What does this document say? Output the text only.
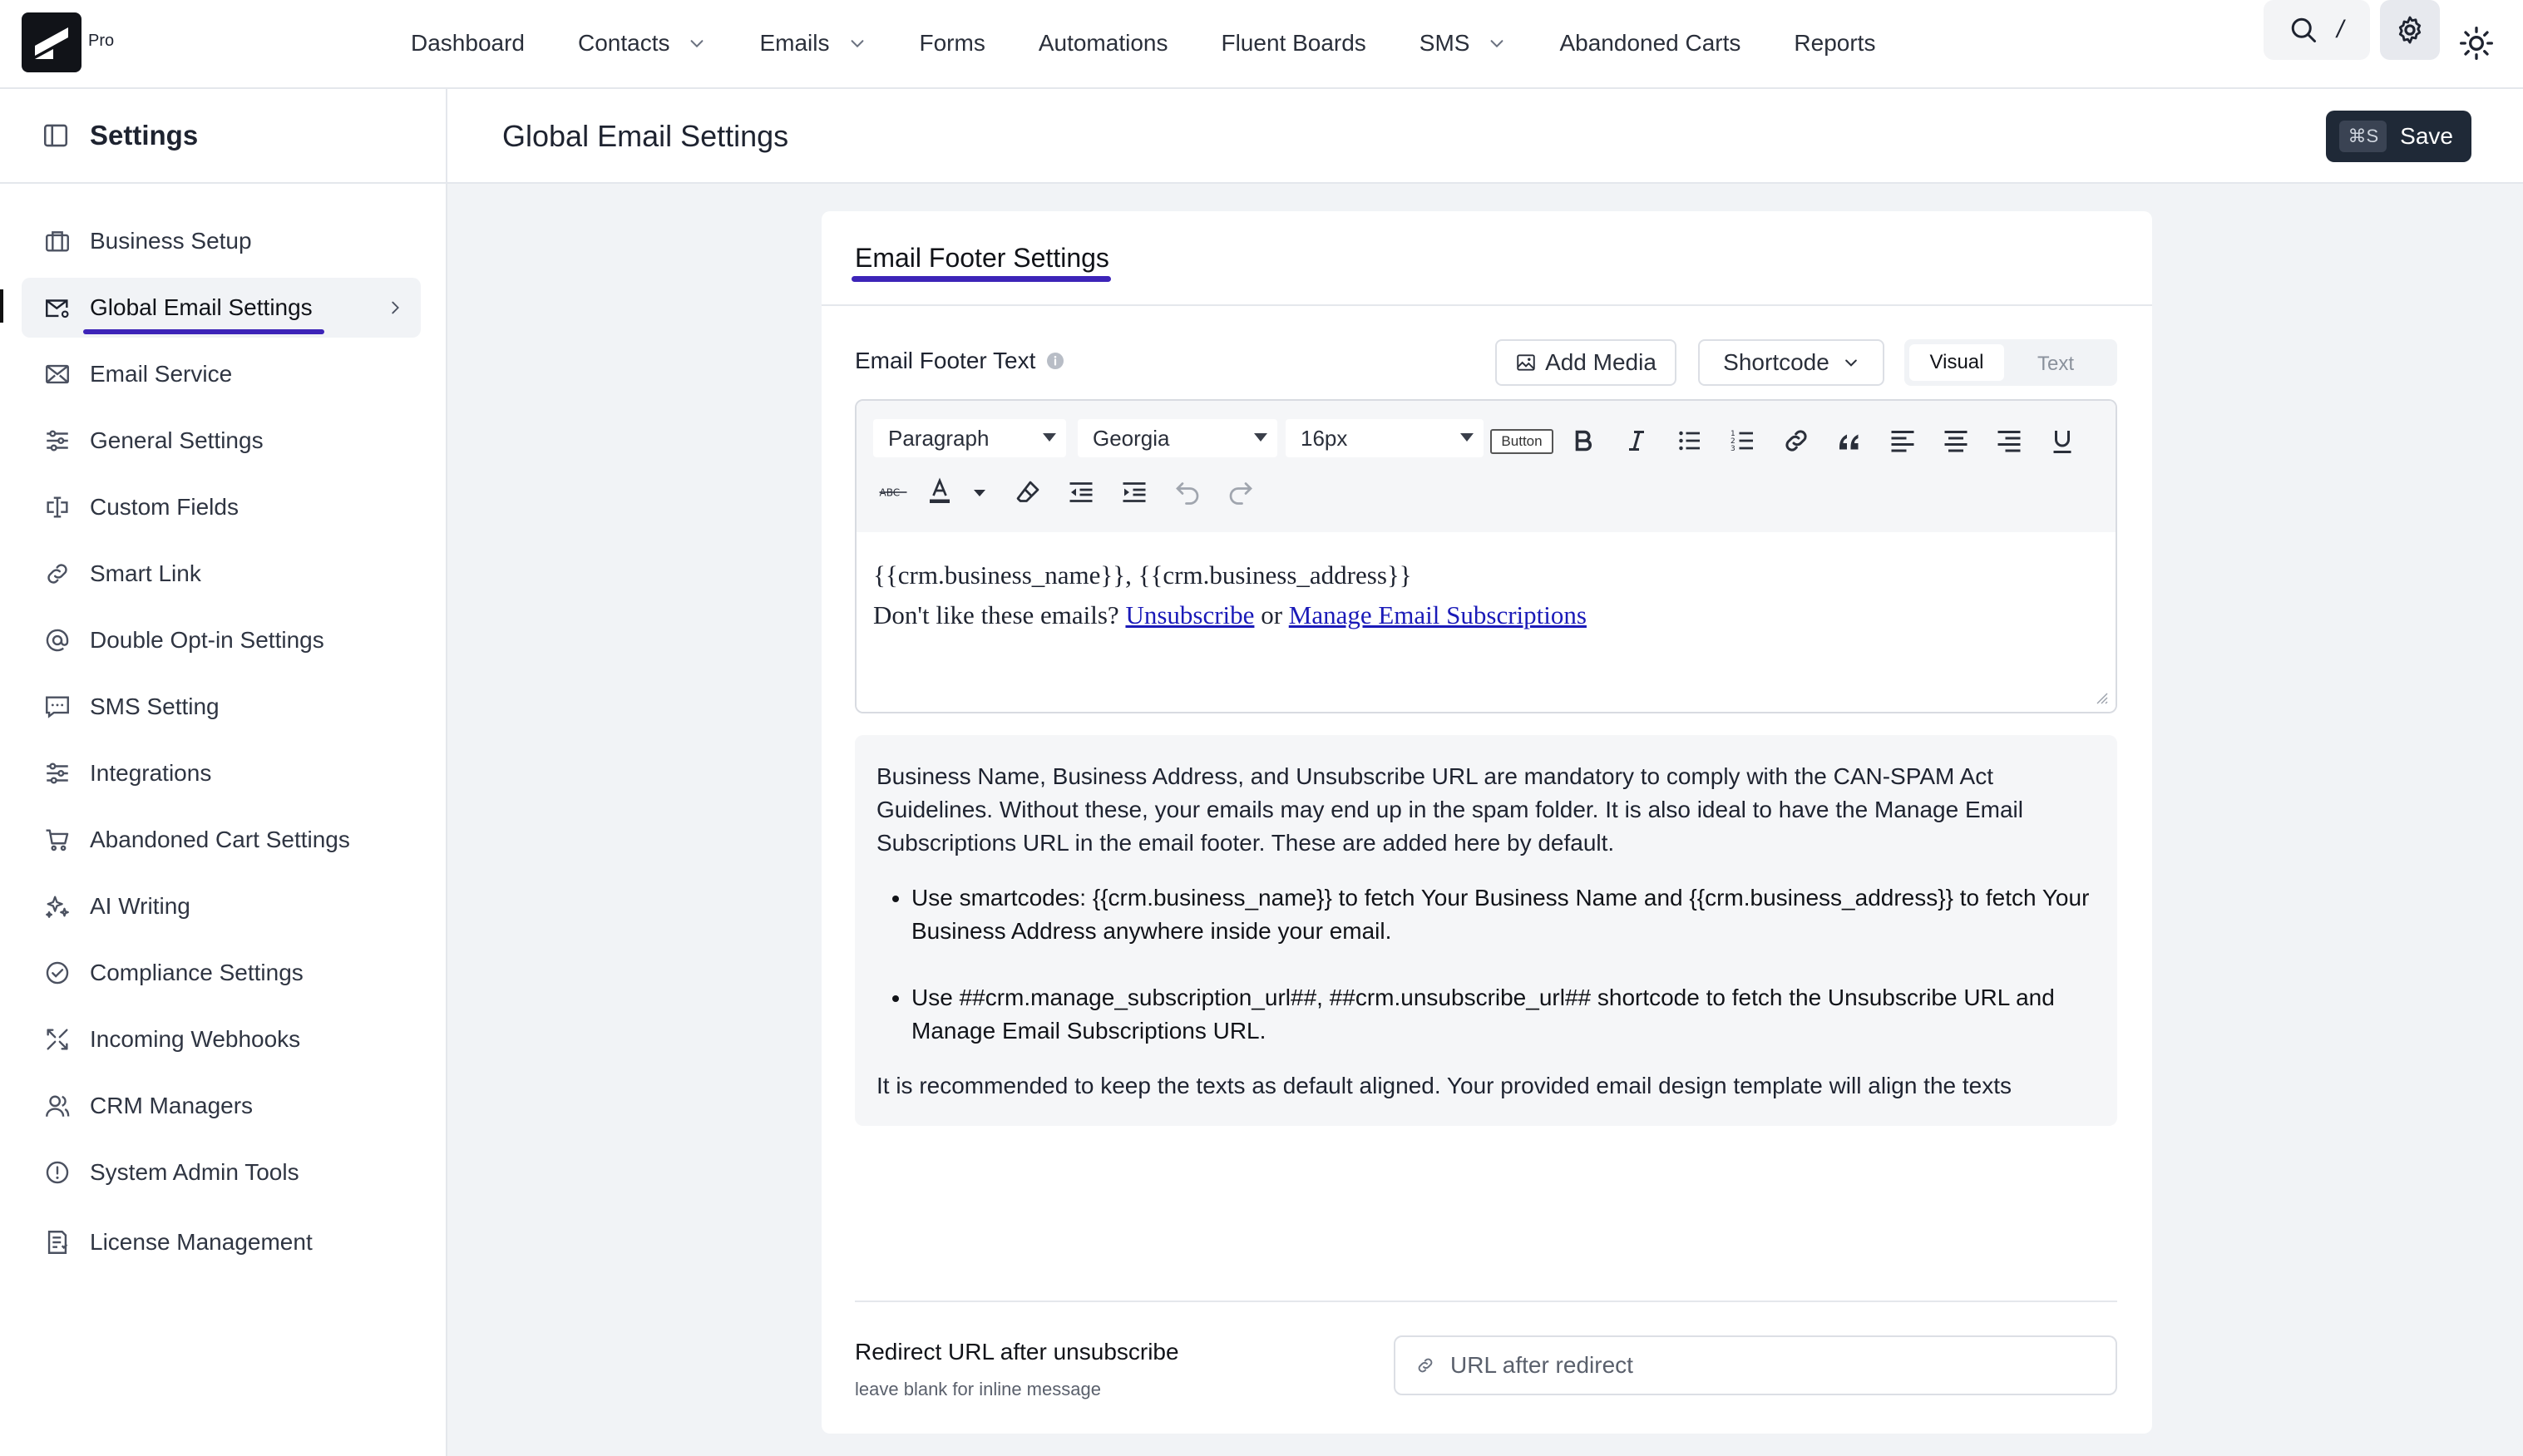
Pro	Dashboard Contacts	Emails	Forms Automations Fluent Boards SMS	Abandoned Carts Reports	/
Settings	Global Email Settings	⌘S Save
Business Setup
Global Email Settings
Email Service
General Settings
Custom Fields
Smart Link
Double Opt-in Settings
SMS Setting
Integrations
Abandoned Cart Settings
AI Writing
Compliance Settings
Incoming Webhooks
CRM Managers
System Admin Tools
License Management
Email Footer Settings
Email Footer Text	Add Media	Shortcode	Visual	Text
Paragraph	Georgia	16px	Button	1
2
3
ABC
{{crm.business_name}}, {{crm.business_address}}
Don't like these emails? Unsubscribe or Manage Email Subscriptions

Business Name, Business Address, and Unsubscribe URL are mandatory to comply with the CAN-SPAM Act

Guidelines. Without these, your emails may end up in the spam folder. It is also ideal to have the Manage Email

Subscriptions URL in the email footer. These are added here by default.

• Use smartcodes: {{crm.business_name}} to fetch Your Business Name and {{crm.business_address}} to fetch Your Business Address anywhere inside your email.
• Use ##crm.manage_subscription_url##, ##crm.unsubscribe_url## shortcode to fetch the Unsubscribe URL and Manage Email Subscriptions URL.

It is recommended to keep the texts as default aligned. Your provided email design template will align the texts

Redirect URL after unsubscribe
leave blank for inline message
URL after redirect
